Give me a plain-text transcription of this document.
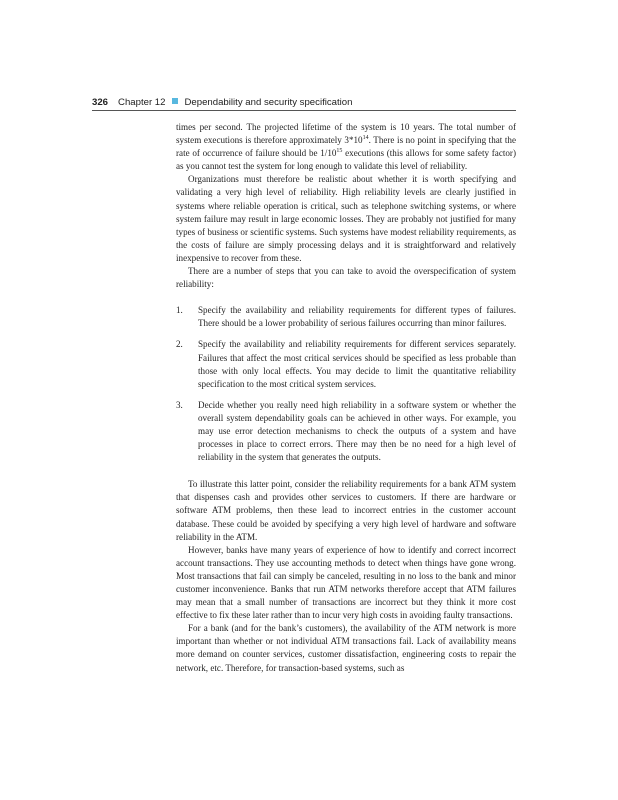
326 Chapter 12 Dependability and security specification

times per second. The projected lifetime of the system is 10 years. The total number of system executions is therefore approximately $3*10^{14}$. There is no point in specifying that the rate of occurrence of failure should be $1/10^{15}$ executions (this allows for some safety factor) as you cannot test the system for long enough to validate this level of reliability.

Organizations must therefore be realistic about whether it is worth specifying and validating a very high level of reliability. High reliability levels are clearly justified in systems where reliable operation is critical, such as telephone switching systems, or where system failure may result in large economic losses. They are probably not justified for many types of business or scientific systems. Such systems have modest reliability requirements, as the costs of failure are simply processing delays and it is straightforward and relatively inexpensive to recover from these.

There are a number of steps that you can take to avoid the overspecification of system reliability:

1. Specify the availability and reliability requirements for different types of failures. There should be a lower probability of serious failures occurring than minor failures.
2. Specify the availability and reliability requirements for different services separately. Failures that affect the most critical services should be specified as less probable than those with only local effects. You may decide to limit the quantitative reliability specification to the most critical system services.
3. Decide whether you really need high reliability in a software system or whether the overall system dependability goals can be achieved in other ways. For example, you may use error detection mechanisms to check the outputs of a system and have processes in place to correct errors. There may then be no need for a high level of reliability in the system that generates the outputs.

To illustrate this latter point, consider the reliability requirements for a bank ATM system that dispenses cash and provides other services to customers. If there are hardware or software ATM problems, then these lead to incorrect entries in the customer account database. These could be avoided by specifying a very high level of hardware and software reliability in the ATM.

However, banks have many years of experience of how to identify and correct incorrect account transactions. They use accounting methods to detect when things have gone wrong. Most transactions that fail can simply be canceled, resulting in no loss to the bank and minor customer inconvenience. Banks that run ATM networks therefore accept that ATM failures may mean that a small number of transactions are incorrect but they think it more cost effective to fix these later rather than to incur very high costs in avoiding faulty transactions.

For a bank (and for the bank’s customers), the availability of the ATM network is more important than whether or not individual ATM transactions fail. Lack of availability means more demand on counter services, customer dissatisfaction, engineering costs to repair the network, etc. Therefore, for transaction-based systems, such as
